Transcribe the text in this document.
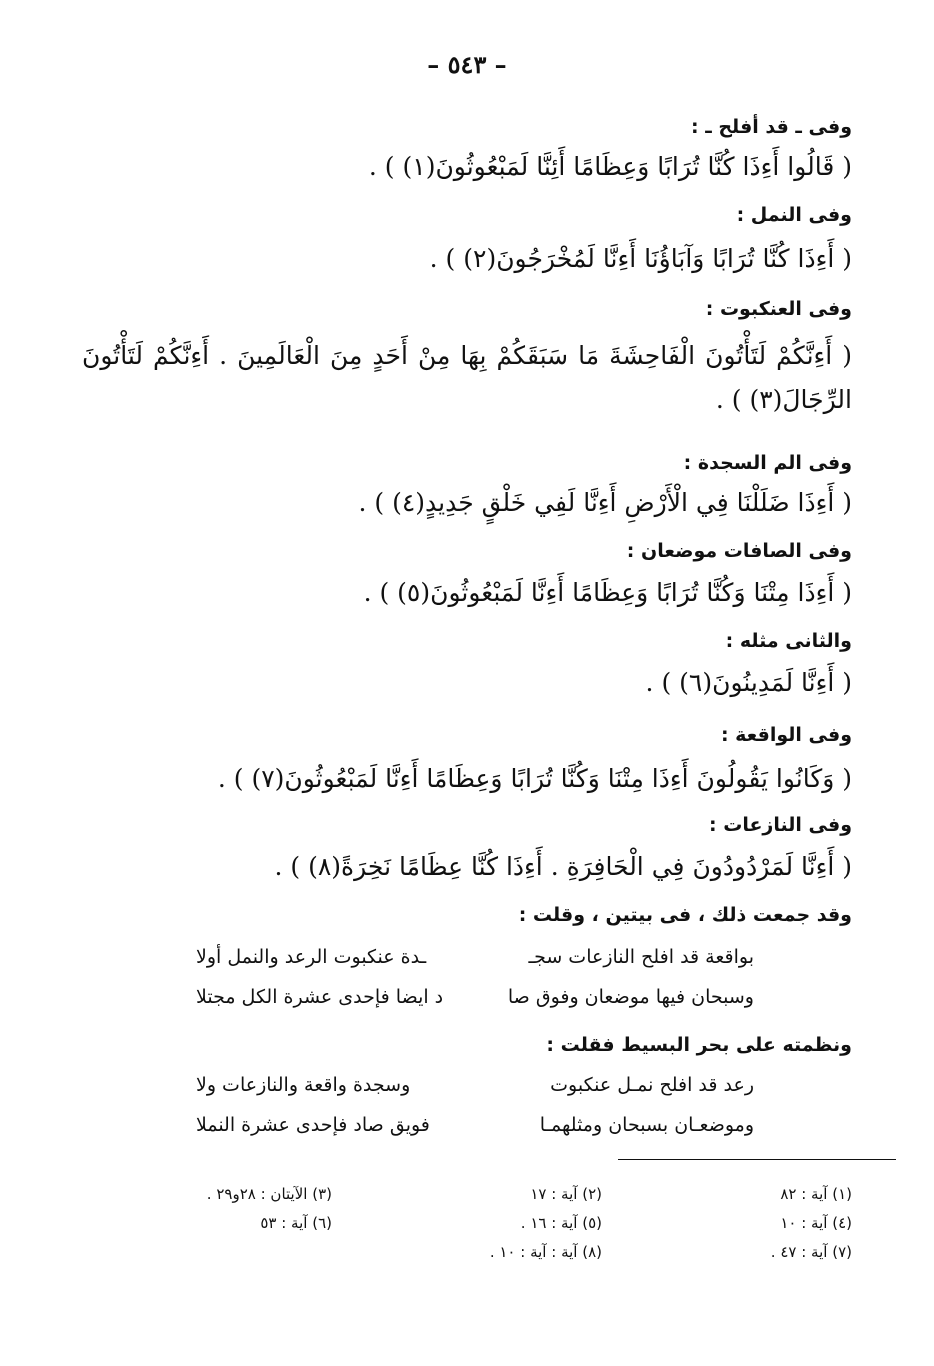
– ٥٤٣ –
وفى ـ قد أفلح ـ :
( قَالُوا أَءِذَا كُنَّا تُرَابًا وَعِظَامًا أَئِنَّا لَمَبْعُوثُونَ(١) ) .
وفى النمل :
( أَءِذَا كُنَّا تُرَابًا وَآبَاؤُنَا أَءِنَّا لَمُخْرَجُونَ(٢) ) .
وفى العنكبوت :
( أَءِنَّكُمْ لَتَأْتُونَ الْفَاحِشَةَ مَا سَبَقَكُمْ بِهَا مِنْ أَحَدٍ مِنَ الْعَالَمِينَ . أَءِنَّكُمْ لَتَأْتُونَ الرِّجَالَ(٣) ) .
وفى الم السجدة :
( أَءِذَا ضَلَلْنَا فِي الْأَرْضِ أَءِنَّا لَفِي خَلْقٍ جَدِيدٍ(٤) ) .
وفى الصافات موضعان :
( أَءِذَا مِتْنَا وَكُنَّا تُرَابًا وَعِظَامًا أَءِنَّا لَمَبْعُوثُونَ(٥) ) .
والثانى مثله :
( أَءِنَّا لَمَدِينُونَ(٦) ) .
وفى الواقعة :
( وَكَانُوا يَقُولُونَ أَءِذَا مِتْنَا وَكُنَّا تُرَابًا وَعِظَامًا أَءِنَّا لَمَبْعُوثُونَ(٧) ) .
وفى النازعات :
( أَءِنَّا لَمَرْدُودُونَ فِي الْحَافِرَةِ . أَءِذَا كُنَّا عِظَامًا نَخِرَةً(٨) ) .
وقد جمعت ذلك ، فى بيتين ، وقلت :
بواقعة قد افلح النازعات سجـ
ـدة عنكبوت الرعد والنمل أولا
وسبحان فيها موضعان وفوق صا
د ايضا فإحدى عشرة الكل مجتلا
ونظمته على بحر البسيط فقلت :
رعد قد افلح نمـل عنكبوت
وسجدة واقعة والنازعات ولا
وموضعـان بسبحان ومثلهمـا
فويق صاد فإحدى عشرة النملا
(١) آية : ٨٢
(٢) آية : ١٧
(٣) الآيتان : ٢٨و٢٩ .
(٤) آية : ١٠
(٥) آية : ١٦ .
(٦) آية : ٥٣
(٧) آية : ٤٧ .
(٨) آية : آية : ١٠ .
